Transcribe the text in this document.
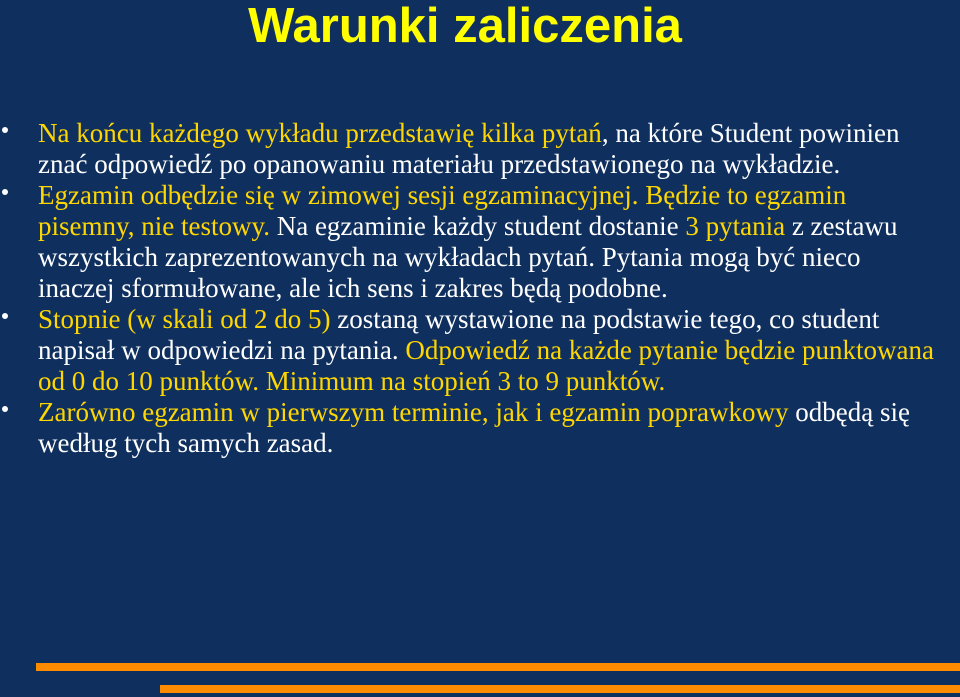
Warunki zaliczenia
Na końcu każdego wykładu przedstawię kilka pytań, na które Student powinien znać odpowiedź po opanowaniu materiału przedstawionego na wykładzie.
Egzamin odbędzie się w zimowej sesji egzaminacyjnej. Będzie to egzamin pisemny, nie testowy. Na egzaminie każdy student dostanie 3 pytania z zestawu wszystkich zaprezentowanych na wykładach pytań. Pytania mogą być nieco inaczej sformułowane, ale ich sens i zakres będą podobne.
Stopnie (w skali od 2 do 5) zostaną wystawione na podstawie tego, co student napisał w odpowiedzi na pytania. Odpowiedź na każde pytanie będzie punktowana od 0 do 10 punktów. Minimum na stopień 3 to 9 punktów.
Zarówno egzamin w pierwszym terminie, jak i egzamin poprawkowy odbędą się według tych samych zasad.
